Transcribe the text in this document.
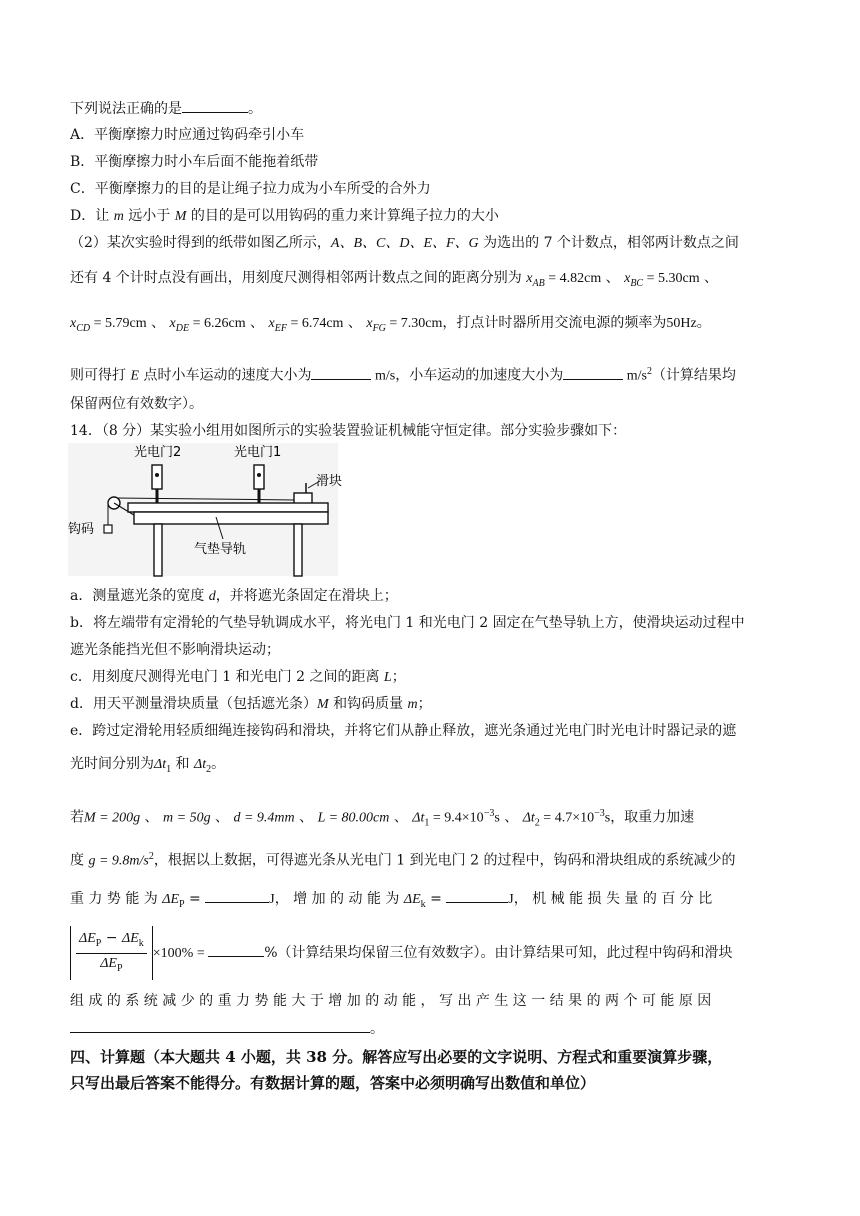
下列说法正确的是	。
A．平衡摩擦力时应通过钩码牵引小车
B．平衡摩擦力时小车后面不能拖着纸带
C．平衡摩擦力的目的是让绳子拉力成为小车所受的合外力
D．让 m 远小于 M 的目的是可以用钩码的重力来计算绳子拉力的大小
（2）某次实验时得到的纸带如图乙所示，A、B、C、D、E、F、G 为选出的 7 个计数点，相邻两计数点之间
还有 4 个计时点没有画出，用刻度尺测得相邻两计数点之间的距离分别为 $x_{AB} = 4.82cm$ 、 $x_{BC} = 5.30cm$ 、
$x_{CD} = 5.79cm$ 、 $x_{DE} = 6.26cm$ 、 $x_{EF} = 6.74cm$ 、 $x_{FG} = 7.30cm$，打点计时器所用交流电源的频率为50Hz。
则可得打 E 点时小车运动的速度大小为	m/s，小车运动的加速度大小为	$m/s^2$（计算结果均
保留两位有效数字）。
14．（8 分）某实验小组用如图所示的实验装置验证机械能守恒定律。部分实验步骤如下：
光电门2	光电门1
滑块
钩码
气垫导轨
a．测量遮光条的宽度 d，并将遮光条固定在滑块上；
b．将左端带有定滑轮的气垫导轨调成水平，将光电门 1 和光电门 2 固定在气垫导轨上方，使滑块运动过程中
遮光条能挡光但不影响滑块运动；
c．用刻度尺测得光电门 1 和光电门 2 之间的距离 L；
d．用天平测量滑块质量（包括遮光条）M 和钩码质量 m；
e．跨过定滑轮用轻质细绳连接钩码和滑块，并将它们从静止释放，遮光条通过光电门时光电计时器记录的遮
光时间分别为$\Delta t_1$ 和 $\Delta t_2$。
若M = 200g 、 m = 50g 、 d = 9.4mm 、 L = 80.00cm 、 $\Delta t_1 = 9.4\times 10^{-3}s$ 、 $\Delta t_2 = 4.7\times 10^{-3}s$，取重力加速
度 $g = 9.8m/s^2$，根据以上数据，可得遮光条从光电门 1 到光电门 2 的过程中，钩码和滑块组成的系统减少的
重 力 势 能 为 $\Delta E_P$ =	J， 增 加 的 动 能 为 $\Delta E_k$ =	J， 机 械 能 损 失 量 的 百 分 比
$\frac{\Delta E_P - \Delta E_k}{\Delta E_P} \times 100\%$ =	%（计算结果均保留三位有效数字）。由计算结果可知，此过程中钩码和滑块
组 成 的 系 统 减 少 的 重 力 势 能 大 于 增 加 的 动 能 ， 写 出 产 生 这 一 结 果 的 两 个 可 能 原 因
。
四、计算题（本大题共 4 小题，共 38 分。解答应写出必要的文字说明、方程式和重要演算步骤，
只写出最后答案不能得分。有数据计算的题，答案中必须明确写出数值和单位）
